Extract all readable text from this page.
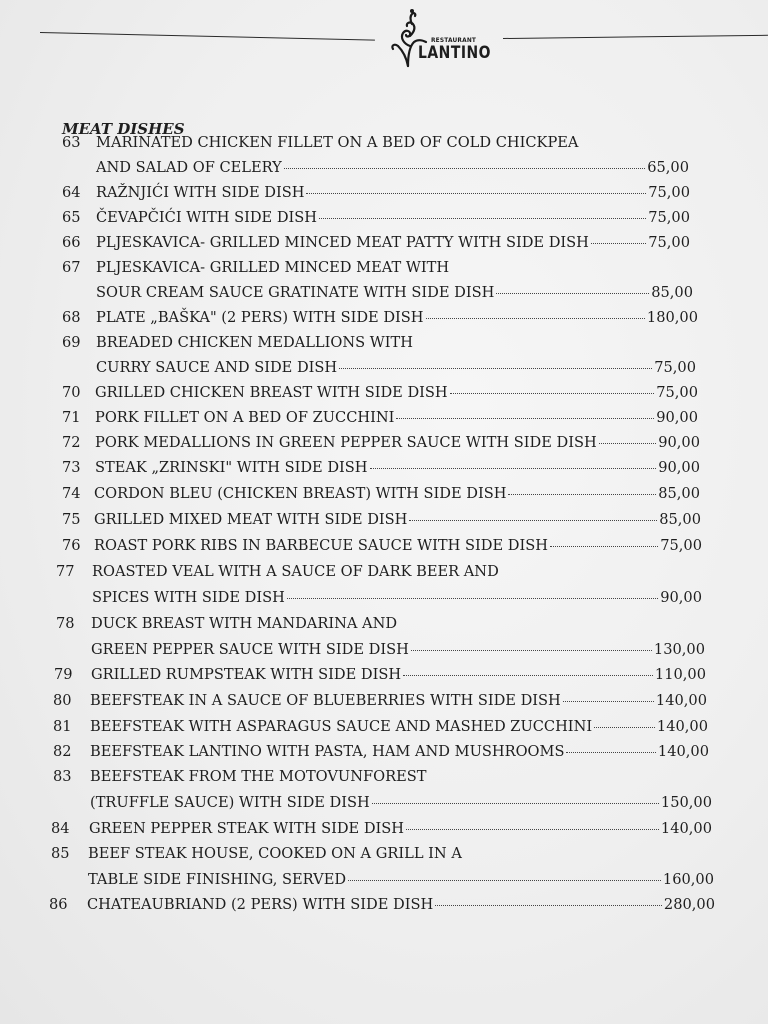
RESTAURANT
LANTINO
MEAT DISHES
63 MARINATED CHICKEN FILLET ON A BED OF COLD CHICKPEA
AND SALAD OF CELERY	65,00
64 RAŽNJIĆI WITH SIDE DISH	75,00
65 ČEVAPČIĆI WITH SIDE DISH	75,00
66 PLJESKAVICA- GRILLED MINCED MEAT PATTY WITH SIDE DISH	75,00
67 PLJESKAVICA- GRILLED MINCED MEAT WITH
SOUR CREAM SAUCE GRATINATE WITH SIDE DISH	85,00
68 PLATE „BAŠKA" (2 PERS) WITH SIDE DISH	180,00
69 BREADED CHICKEN MEDALLIONS WITH
CURRY SAUCE AND SIDE DISH	75,00
70 GRILLED CHICKEN BREAST WITH SIDE DISH	75,00
71 PORK FILLET ON A BED OF ZUCCHINI	90,00
72 PORK MEDALLIONS IN GREEN PEPPER SAUCE WITH SIDE DISH	90,00
73 STEAK „ZRINSKI" WITH SIDE DISH	90,00
74 CORDON BLEU (CHICKEN BREAST) WITH SIDE DISH	85,00
75 GRILLED MIXED MEAT WITH SIDE DISH	85,00
76 ROAST PORK RIBS IN BARBECUE SAUCE WITH SIDE DISH	75,00
77 ROASTED VEAL WITH A SAUCE OF DARK BEER AND
SPICES WITH SIDE DISH	90,00
78 DUCK BREAST WITH MANDARINA AND
GREEN PEPPER SAUCE WITH SIDE DISH	130,00
79 GRILLED RUMPSTEAK WITH SIDE DISH	110,00
80 BEEFSTEAK IN A SAUCE OF BLUEBERRIES WITH SIDE DISH	140,00
81 BEEFSTEAK WITH ASPARAGUS SAUCE AND MASHED ZUCCHINI	140,00
82 BEEFSTEAK LANTINO WITH PASTA, HAM AND MUSHROOMS	140,00
83 BEEFSTEAK FROM THE MOTOVUNFOREST
(TRUFFLE SAUCE) WITH SIDE DISH	150,00
84 GREEN PEPPER STEAK WITH SIDE DISH	140,00
85 BEEF STEAK HOUSE, COOKED ON A GRILL IN A
TABLE SIDE FINISHING, SERVED	160,00
86 CHATEAUBRIAND (2 PERS) WITH SIDE DISH	280,00
